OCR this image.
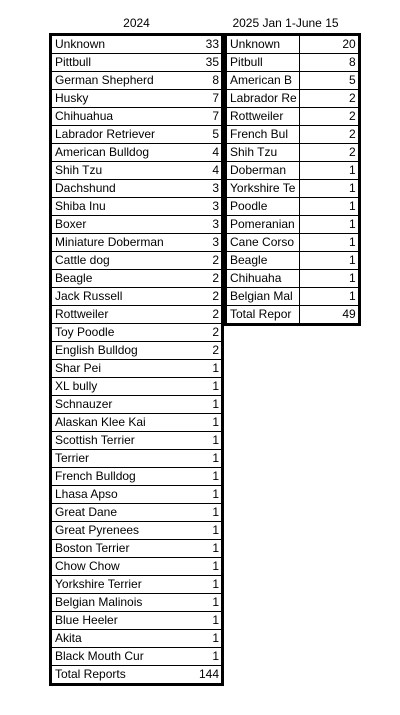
2024	2025 Jan 1-June 15
Unknown	33
Pittbull	35
German Shepherd	8
Husky	7
Chihuahua	7
Labrador Retriever	5
American Bulldog	4
Shih Tzu	4
Dachshund	3
Shiba Inu	3
Boxer	3
Miniature Doberman	3
Cattle dog	2
Beagle	2
Jack Russell	2
Rottweiler	2
Toy Poodle	2
English Bulldog	2
Shar Pei	1
XL bully	1
Schnauzer	1
Alaskan Klee Kai	1
Scottish Terrier	1
Terrier	1
French Bulldog	1
Lhasa Apso	1
Great Dane	1
Great Pyrenees	1
Boston Terrier	1
Chow Chow	1
Yorkshire Terrier	1
Belgian Malinois	1
Blue Heeler	1
Akita	1
Black Mouth Cur	1
Total Reports	144
Unknown	20
Pitbull	8
American B	5
Labrador Re	2
Rottweiler	2
French Bul	2
Shih Tzu	2
Doberman	1
Yorkshire Te	1
Poodle	1
Pomeranian	1
Cane Corso	1
Beagle	1
Chihuaha	1
Belgian Mal	1
Total Repor	49
